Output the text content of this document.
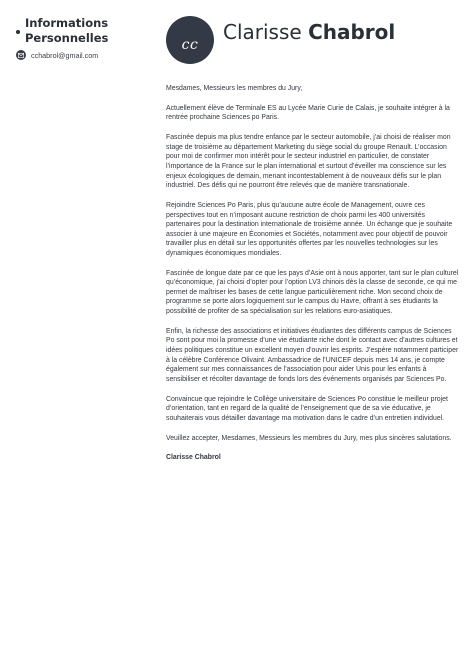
Informations
Personnelles
cchabrol@gmail.com
cc
Clarisse Chabrol

Mesdames, Messieurs les membres du Jury,

Actuellement élève de Terminale ES au Lycée Marie Curie de Calais, je souhaite intégrer à la rentrée prochaine Sciences po Paris.

Fascinée depuis ma plus tendre enfance par le secteur automobile, j’ai choisi de réaliser mon stage de troisième au département Marketing du siège social du groupe Renault. L’occasion pour moi de confirmer mon intérêt pour le secteur industriel en particulier, de constater l’importance de la France sur le plan international et surtout d’éveiller ma conscience sur les enjeux écologiques de demain, menant incontestablement à de nouveaux défis sur le plan industriel. Des défis qui ne pourront être relevés que de manière transnationale.

Rejoindre Sciences Po Paris, plus qu’aucune autre école de Management, ouvre ces perspectives tout en n’imposant aucune restriction de choix parmi les 400 universités partenaires pour la destination internationale de troisième année. Un échange que je souhaite associer à une majeure en Économies et Sociétés, notamment avec pour objectif de pouvoir travailler plus en détail sur les opportunités offertes par les nouvelles technologies sur les dynamiques économiques mondiales.

Fascinée de longue date par ce que les pays d’Asie ont à nous apporter, tant sur le plan culturel qu’économique, j’ai choisi d’opter pour l’option LV3 chinois dès la classe de seconde, ce qui me permet de maîtriser les bases de cette langue particulièrement riche. Mon second choix de programme se porte alors logiquement sur le campus du Havre, offrant à ses étudiants la possibilité de profiter de sa spécialisation sur les relations euro-asiatiques.

Enfin, la richesse des associations et initiatives étudiantes des différents campus de Sciences Po sont pour moi la promesse d’une vie étudiante riche dont le contact avec d’autres cultures et idées politiques constitue un excellent moyen d’ouvrir les esprits. J’espère notamment participer à la célèbre Conférence Olivaint. Ambassadrice de l’UNICEF depuis mes 14 ans, je compte également sur mes connaissances de l’association pour aider Unis pour les enfants à sensibiliser et récolter davantage de fonds lors des événements organisés par Sciences Po.

Convaincue que rejoindre le Collège universitaire de Sciences Po constitue le meilleur projet d’orientation, tant en regard de la qualité de l’enseignement que de sa vie éducative, je souhaiterais vous détailler davantage ma motivation dans le cadre d’un entretien individuel.

Veuillez accepter, Mesdames, Messieurs les membres du Jury, mes plus sincères salutations.

Clarisse Chabrol
